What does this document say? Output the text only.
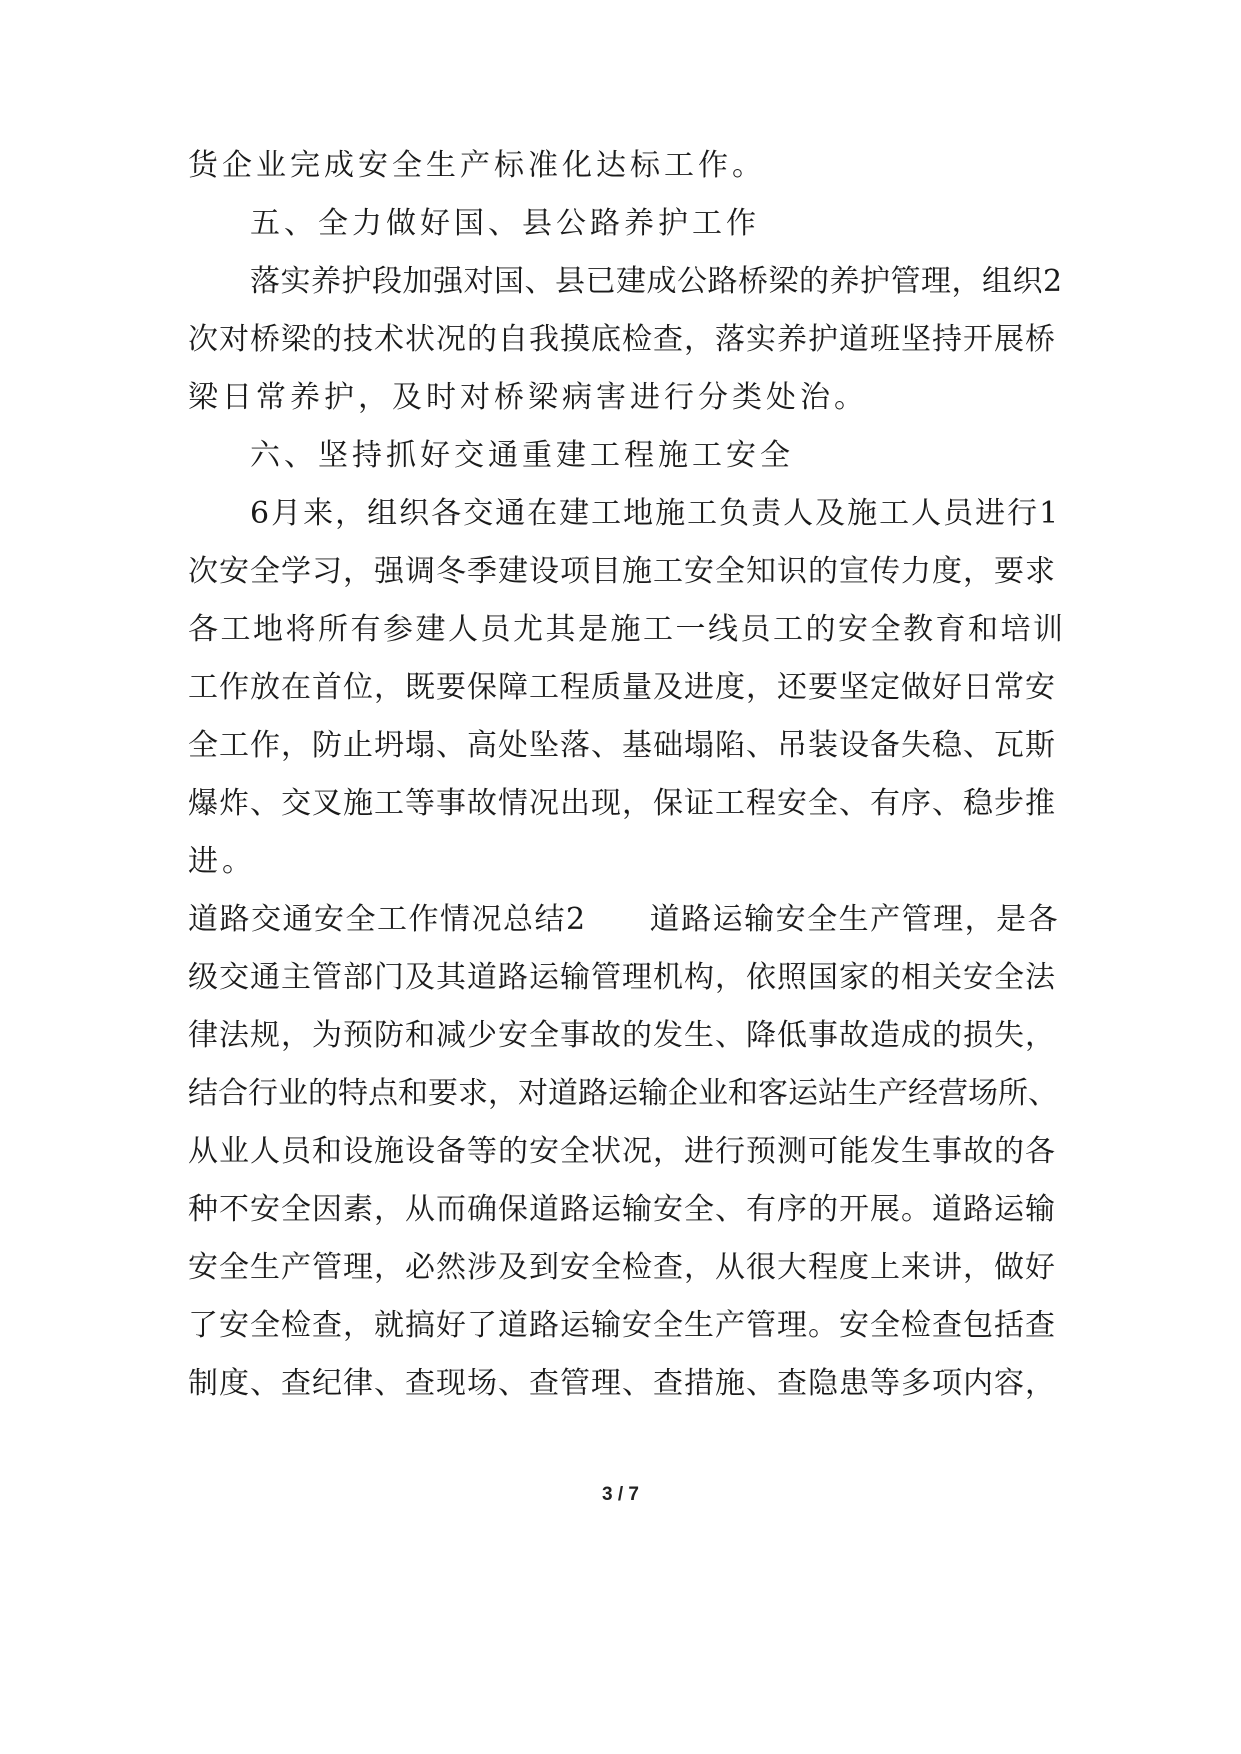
货企业完成安全生产标准化达标工作。
五、全力做好国、县公路养护工作
落实养护段加强对国、县已建成公路桥梁的养护管理，组织2
次对桥梁的技术状况的自我摸底检查，落实养护道班坚持开展桥
梁日常养护，及时对桥梁病害进行分类处治。
六、坚持抓好交通重建工程施工安全
6月来，组织各交通在建工地施工负责人及施工人员进行1
次安全学习，强调冬季建设项目施工安全知识的宣传力度，要求
各工地将所有参建人员尤其是施工一线员工的安全教育和培训
工作放在首位，既要保障工程质量及进度，还要坚定做好日常安
全工作，防止坍塌、高处坠落、基础塌陷、吊装设备失稳、瓦斯
爆炸、交叉施工等事故情况出现，保证工程安全、有序、稳步推
进。
道路交通安全工作情况总结2　　道路运输安全生产管理，是各
级交通主管部门及其道路运输管理机构，依照国家的相关安全法
律法规，为预防和减少安全事故的发生、降低事故造成的损失，
结合行业的特点和要求，对道路运输企业和客运站生产经营场所、
从业人员和设施设备等的安全状况，进行预测可能发生事故的各
种不安全因素，从而确保道路运输安全、有序的开展。道路运输
安全生产管理，必然涉及到安全检查，从很大程度上来讲，做好
了安全检查，就搞好了道路运输安全生产管理。安全检查包括查
制度、查纪律、查现场、查管理、查措施、查隐患等多项内容，
3 / 7
